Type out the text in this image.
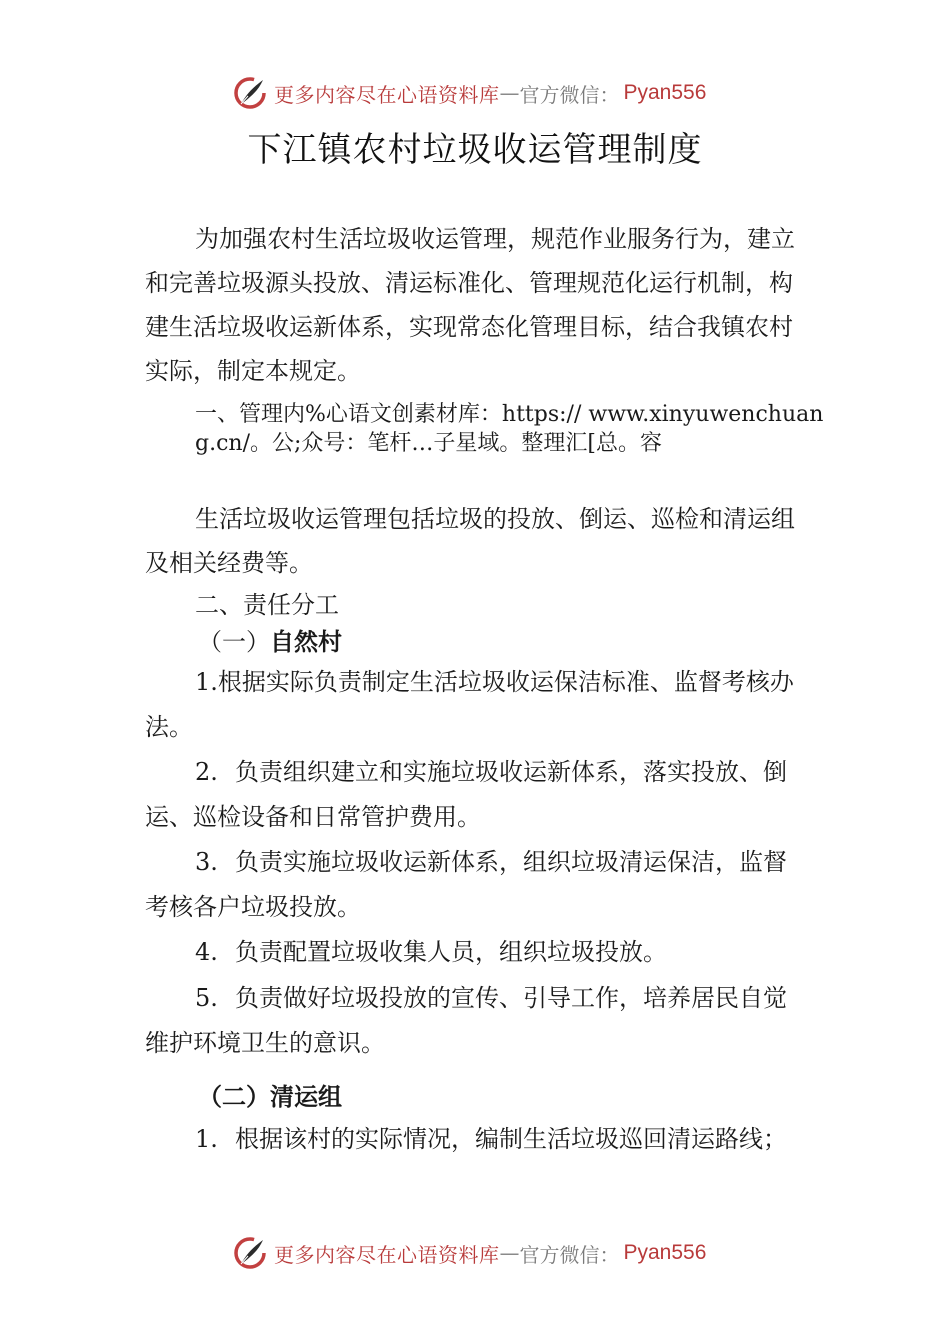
更多内容尽在心语资料库 — 官方微信： Pyan556
下江镇农村垃圾收运管理制度
为加强农村生活垃圾收运管理，规范作业服务行为，建立和完善垃圾源头投放、清运标准化、管理规范化运行机制，构建生活垃圾收运新体系，实现常态化管理目标，结合我镇农村实际，制定本规定。
一、管理内%心语文创素材库：https:// www.xinyuwenchuang.cn/。公;众号：笔杆…子星域。整理汇[总。容
生活垃圾收运管理包括垃圾的投放、倒运、巡检和清运组及相关经费等。
二、责任分工
（一）自然村
1.根据实际负责制定生活垃圾收运保洁标准、监督考核办法。
2. 负责组织建立和实施垃圾收运新体系，落实投放、倒运、巡检设备和日常管护费用。
3. 负责实施垃圾收运新体系，组织垃圾清运保洁，监督考核各户垃圾投放。
4. 负责配置垃圾收集人员，组织垃圾投放。
5. 负责做好垃圾投放的宣传、引导工作，培养居民自觉维护环境卫生的意识。
（二）清运组
1. 根据该村的实际情况，编制生活垃圾巡回清运路线；
更多内容尽在心语资料库 — 官方微信： Pyan556
